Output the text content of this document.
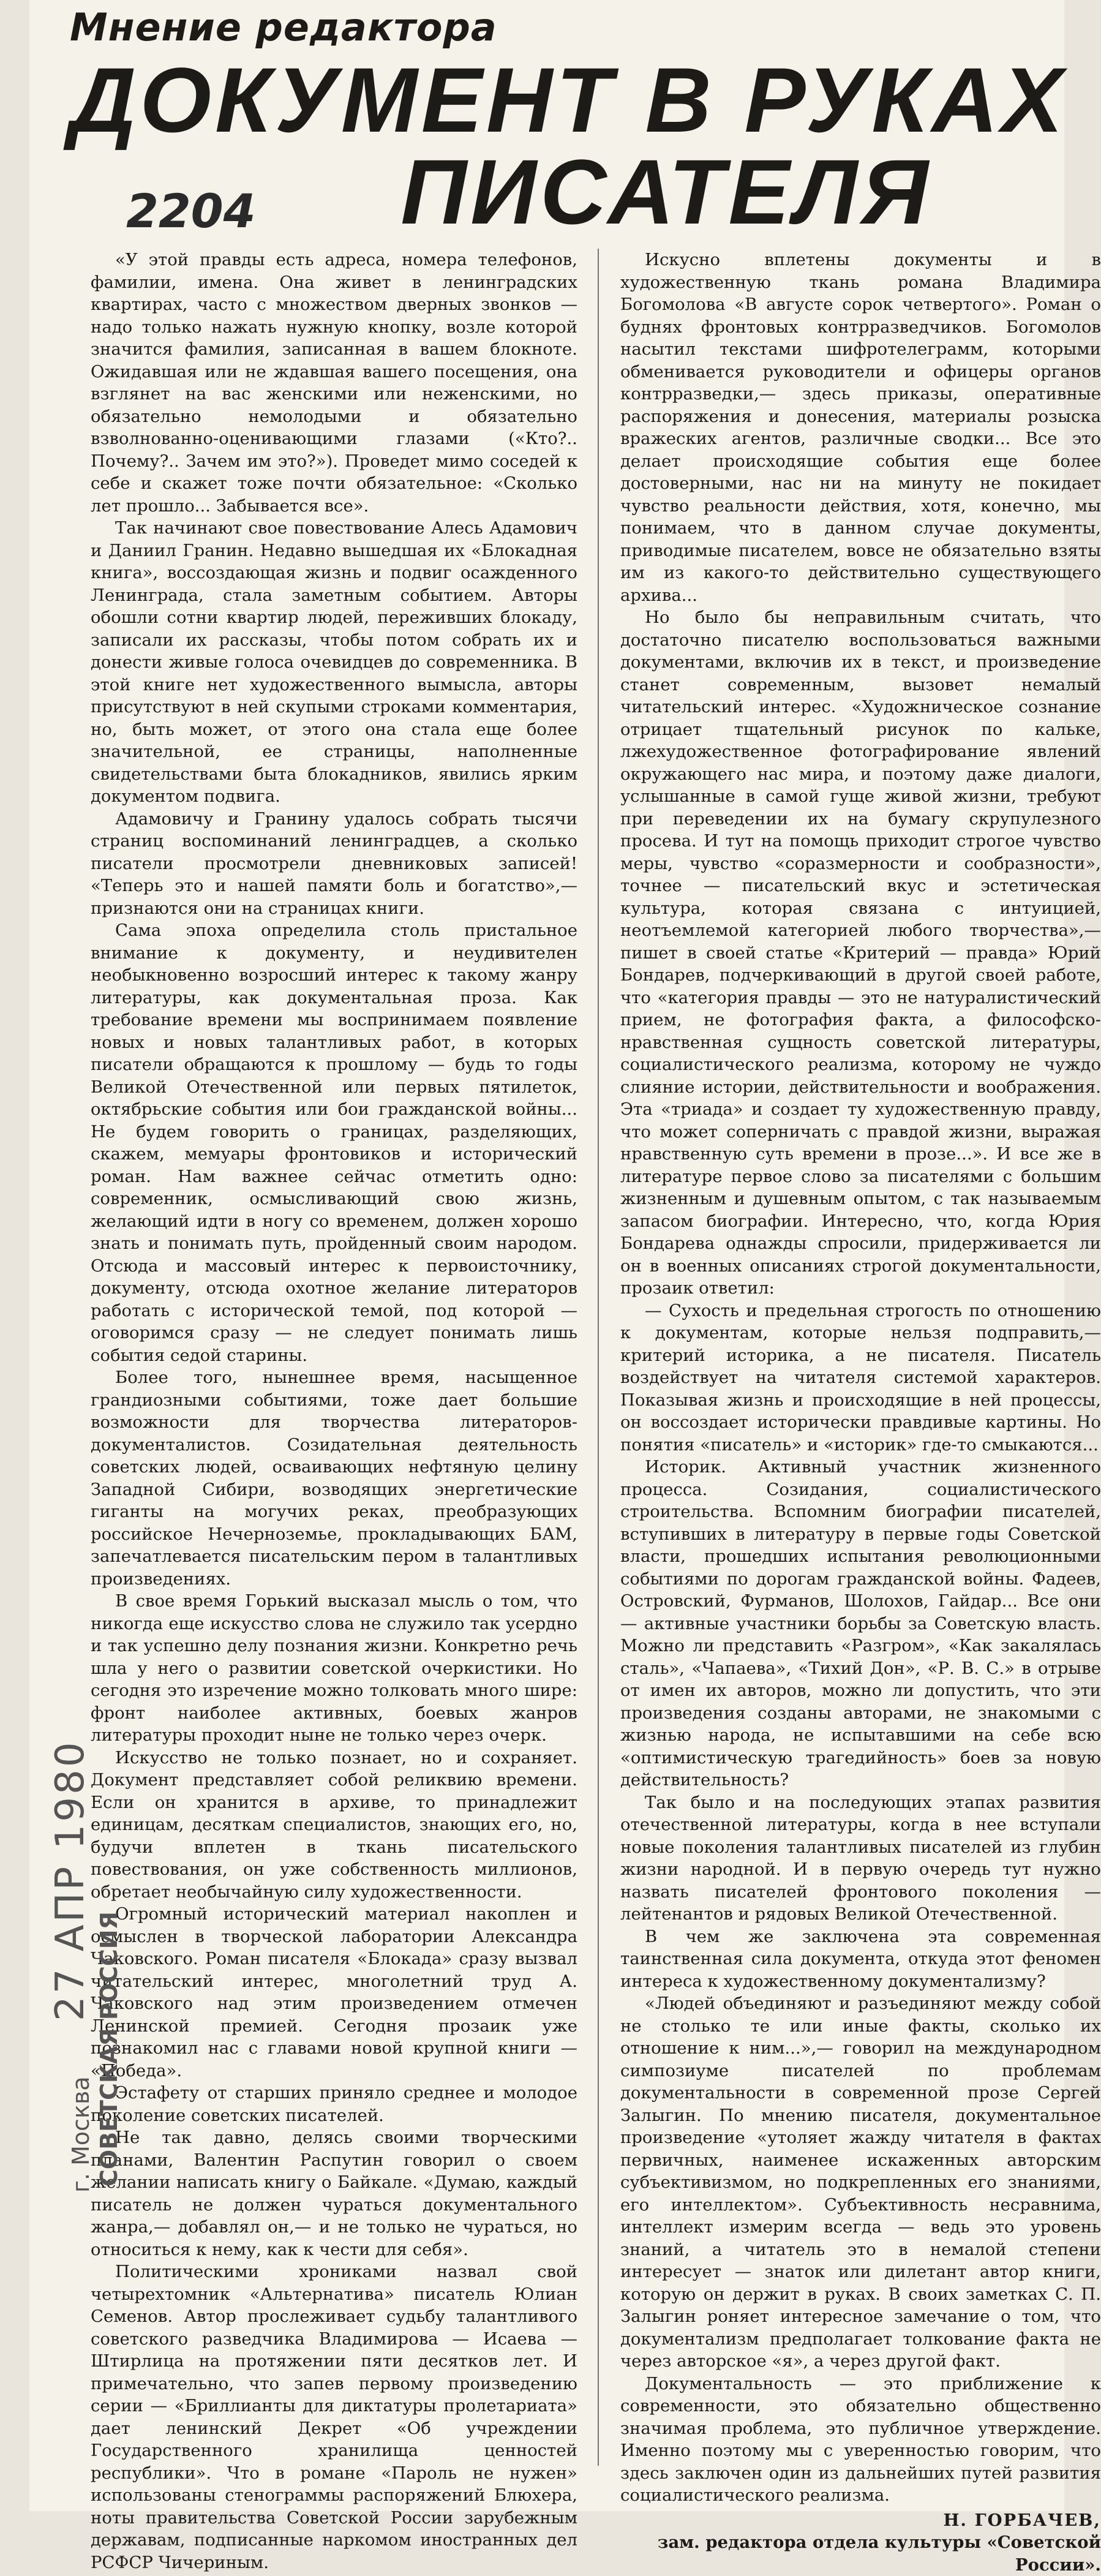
Мнение редактора
ДОКУМЕНТ В РУКАХ
ПИСАТЕЛЯ
2204

«У этой правды есть адреса, номера телефонов, фамилии, имена. Она живет в ленинградских квартирах, часто с множеством дверных звонков — надо только нажать нужную кнопку, возле которой значится фамилия, записанная в вашем блокноте. Ожидавшая или не ждавшая вашего посещения, она взглянет на вас женскими или неженскими, но обязательно немолодыми и обязательно взволнованно-оценивающими глазами («Кто?.. Почему?.. Зачем им это?»). Проведет мимо соседей к себе и скажет тоже почти обязательное: «Сколько лет прошло... Забывается все».

Так начинают свое повествование Алесь Адамович и Даниил Гранин. Недавно вышедшая их «Блокадная книга», воссоздающая жизнь и подвиг осажденного Ленинграда, стала заметным событием. Авторы обошли сотни квартир людей, переживших блокаду, записали их рассказы, чтобы потом собрать их и донести живые голоса очевидцев до современника. В этой книге нет художественного вымысла, авторы присутствуют в ней скупыми строками комментария, но, быть может, от этого она стала еще более значительной, ее страницы, наполненные свидетельствами быта блокадников, явились ярким документом подвига.

Адамовичу и Гранину удалось собрать тысячи страниц воспоминаний ленинградцев, а сколько писатели просмотрели дневниковых записей! «Теперь это и нашей памяти боль и богатство»,— признаются они на страницах книги.

Сама эпоха определила столь пристальное внимание к документу, и неудивителен необыкновенно возросший интерес к такому жанру литературы, как документальная проза. Как требование времени мы воспринимаем появление новых и новых талантливых работ, в которых писатели обращаются к прошлому — будь то годы Великой Отечественной или первых пятилеток, октябрьские события или бои гражданской войны... Не будем говорить о границах, разделяющих, скажем, мемуары фронтовиков и исторический роман. Нам важнее сейчас отметить одно: современник, осмысливающий свою жизнь, желающий идти в ногу со временем, должен хорошо знать и понимать путь, пройденный своим народом. Отсюда и массовый интерес к первоисточнику, документу, отсюда охотное желание литераторов работать с исторической темой, под которой — оговоримся сразу — не следует понимать лишь события седой старины.

Более того, нынешнее время, насыщенное грандиозными событиями, тоже дает большие возможности для творчества литераторов-документалистов. Созидательная деятельность советских людей, осваивающих нефтяную целину Западной Сибири, возводящих энергетические гиганты на могучих реках, преобразующих российское Нечерноземье, прокладывающих БАМ, запечатлевается писательским пером в талантливых произведениях.

В свое время Горький высказал мысль о том, что никогда еще искусство слова не служило так усердно и так успешно делу познания жизни. Конкретно речь шла у него о развитии советской очеркистики. Но сегодня это изречение можно толковать много шире: фронт наиболее активных, боевых жанров литературы проходит ныне не только через очерк.

Искусство не только познает, но и сохраняет. Документ представляет собой реликвию времени. Если он хранится в архиве, то принадлежит единицам, десяткам специалистов, знающих его, но, будучи вплетен в ткань писательского повествования, он уже собственность миллионов, обретает необычайную силу художественности.

Огромный исторический материал накоплен и осмыслен в творческой лаборатории Александра Чаковского. Роман писателя «Блокада» сразу вызвал читательский интерес, многолетний труд А. Чаковского над этим произведением отмечен Ленинской премией. Сегодня прозаик уже познакомил нас с главами новой крупной книги — «Победа».

Эстафету от старших приняло среднее и молодое поколение советских писателей.

Не так давно, делясь своими творческими планами, Валентин Распутин говорил о своем желании написать книгу о Байкале. «Думаю, каждый писатель не должен чураться документального жанра,— добавлял он,— и не только не чураться, но относиться к нему, как к чести для себя».

Политическими хрониками назвал свой четырехтомник «Альтернатива» писатель Юлиан Семенов. Автор прослеживает судьбу талантливого советского разведчика Владимирова — Исаева — Штирлица на протяжении пяти десятков лет. И примечательно, что запев первому произведению серии — «Бриллианты для диктатуры пролетариата» дает ленинский Декрет «Об учреждении Государственного хранилища ценностей республики». Что в романе «Пароль не нужен» использованы стенограммы распоряжений Блюхера, ноты правительства Советской России зарубежным державам, подписанные наркомом иностранных дел РСФСР Чичериным.

Искусно вплетены документы и в художественную ткань романа Владимира Богомолова «В августе сорок четвертого». Роман о буднях фронтовых контрразведчиков. Богомолов насытил текстами шифротелеграмм, которыми обменивается руководители и офицеры органов контрразведки,— здесь приказы, оперативные распоряжения и донесения, материалы розыска вражеских агентов, различные сводки... Все это делает происходящие события еще более достоверными, нас ни на минуту не покидает чувство реальности действия, хотя, конечно, мы понимаем, что в данном случае документы, приводимые писателем, вовсе не обязательно взяты им из какого-то действительно существующего архива...

Но было бы неправильным считать, что достаточно писателю воспользоваться важными документами, включив их в текст, и произведение станет современным, вызовет немалый читательский интерес. «Художническое сознание отрицает тщательный рисунок по кальке, лжехудожественное фотографирование явлений окружающего нас мира, и поэтому даже диалоги, услышанные в самой гуще живой жизни, требуют при переведении их на бумагу скрупулезного просева. И тут на помощь приходит строгое чувство меры, чувство «соразмерности и сообразности», точнее — писательский вкус и эстетическая культура, которая связана с интуицией, неотъемлемой категорией любого творчества»,— пишет в своей статье «Критерий — правда» Юрий Бондарев, подчеркивающий в другой своей работе, что «категория правды — это не натуралистический прием, не фотография факта, а философско-нравственная сущность советской литературы, социалистического реализма, которому не чуждо слияние истории, действительности и воображения. Эта «триада» и создает ту художественную правду, что может соперничать с правдой жизни, выражая нравственную суть времени в прозе...». И все же в литературе первое слово за писателями с большим жизненным и душевным опытом, с так называемым запасом биографии. Интересно, что, когда Юрия Бондарева однажды спросили, придерживается ли он в военных описаниях строгой документальности, прозаик ответил:

— Сухость и предельная строгость по отношению к документам, которые нельзя подправить,— критерий историка, а не писателя. Писатель воздействует на читателя системой характеров. Показывая жизнь и происходящие в ней процессы, он воссоздает исторически правдивые картины. Но понятия «писатель» и «историк» где-то смыкаются...

Историк. Активный участник жизненного процесса. Созидания, социалистического строительства. Вспомним биографии писателей, вступивших в литературу в первые годы Советской власти, прошедших испытания революционными событиями по дорогам гражданской войны. Фадеев, Островский, Фурманов, Шолохов, Гайдар... Все они — активные участники борьбы за Советскую власть. Можно ли представить «Разгром», «Как закалялась сталь», «Чапаева», «Тихий Дон», «Р. В. С.» в отрыве от имен их авторов, можно ли допустить, что эти произведения созданы авторами, не знакомыми с жизнью народа, не испытавшими на себе всю «оптимистическую трагедийность» боев за новую действительность?

Так было и на последующих этапах развития отечественной литературы, когда в нее вступали новые поколения талантливых писателей из глубин жизни народной. И в первую очередь тут нужно назвать писателей фронтового поколения — лейтенантов и рядовых Великой Отечественной.

В чем же заключена эта современная таинственная сила документа, откуда этот феномен интереса к художественному документализму?

«Людей объединяют и разъединяют между собой не столько те или иные факты, сколько их отношение к ним...»,— говорил на международном симпозиуме писателей по проблемам документальности в современной прозе Сергей Залыгин. По мнению писателя, документальное произведение «утоляет жажду читателя в фактах первичных, наименее искаженных авторским субъективизмом, но подкрепленных его знаниями, его интеллектом». Субъективность несравнима, интеллект измерим всегда — ведь это уровень знаний, а читатель это в немалой степени интересует — знаток или дилетант автор книги, которую он держит в руках. В своих заметках С. П. Залыгин роняет интересное замечание о том, что документализм предполагает толкование факта не через авторское «я», а через другой факт.

Документальность — это приближение к современности, это обязательно общественно значимая проблема, это публичное утверждение. Именно поэтому мы с уверенностью говорим, что здесь заключен один из дальнейших путей развития социалистического реализма.

Н. ГОРБАЧЕВ,
зам. редактора отдела культуры «Советской России».
СОВЕТСКАЯ РОССИЯ
г. Москва
27 АПР 1980
